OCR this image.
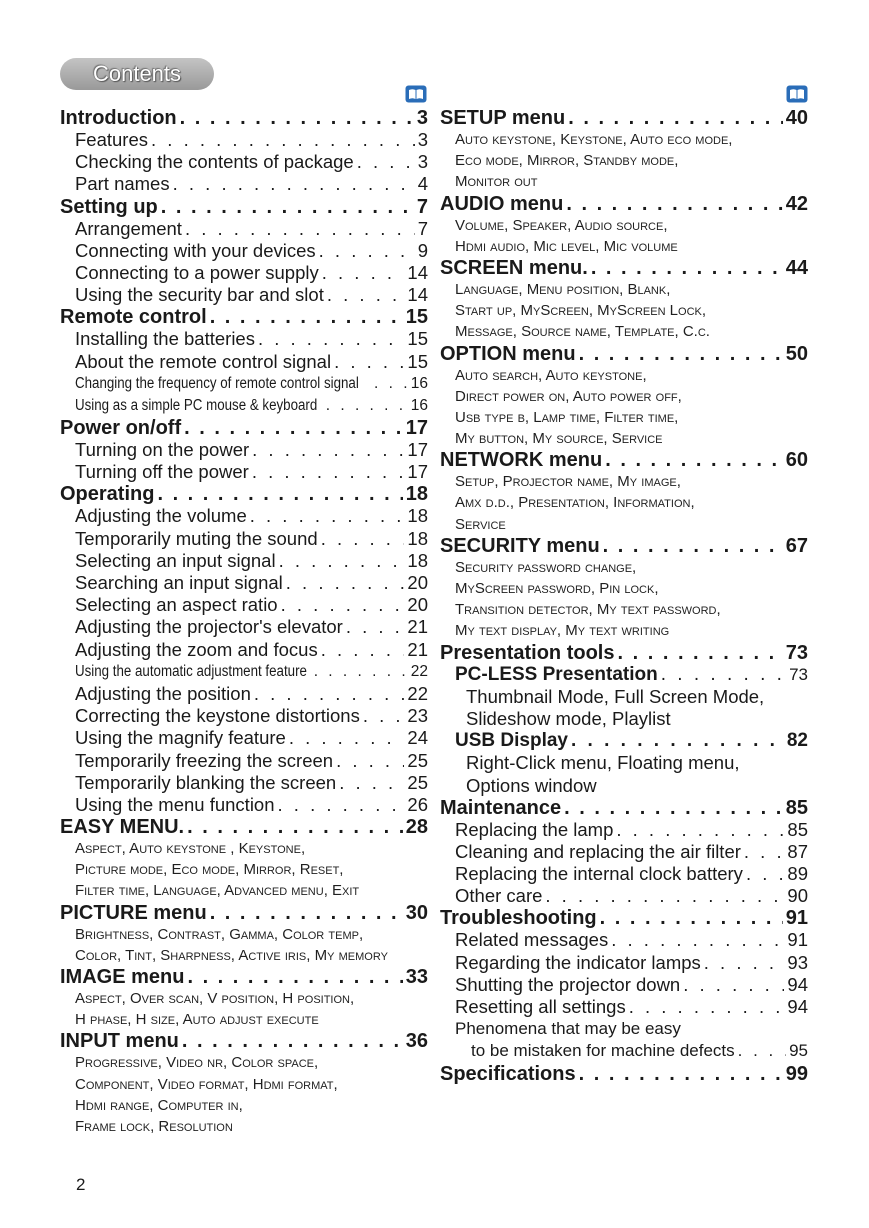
Contents
Introduction . . .	3
Features . . .	3
Checking the contents of package . . .	3
Part names . . .	4
Setting up . . .	7
Arrangement . . .	7
Connecting with your devices . . .	9
Connecting to a power supply . . .	14
Using the security bar and slot . . .	14
Remote control . . .	15
Installing the batteries . . .	15
About the remote control signal . . .	15
Changing the frequency of remote control signal . . .	16
Using as a simple PC mouse & keyboard . . .	16
Power on/off . . .	17
Turning on the power . . .	17
Turning off the power . . .	17
Operating . . .	18
Adjusting the volume . . .	18
Temporarily muting the sound . . .	18
Selecting an input signal . . .	18
Searching an input signal . . .	20
Selecting an aspect ratio . . .	20
Adjusting the projector's elevator . . .	21
Adjusting the zoom and focus . . .	21
Using the automatic adjustment feature . . .	22
Adjusting the position . . .	22
Correcting the keystone distortions . . .	23
Using the magnify feature . . .	24
Temporarily freezing the screen . . .	25
Temporarily blanking the screen . . .	25
Using the menu function . . .	26
EASY MENU. . . .	28
Aspect, Auto keystone , Keystone,
Picture mode, Eco mode, Mirror, Reset,
Filter time, Language, Advanced menu, Exit
PICTURE menu . . .	30
Brightness, Contrast, Gamma, Color temp,
Color, Tint, Sharpness, Active iris, My memory
IMAGE menu . . .	33
Aspect, Over scan, V position, H position,
H phase, H size, Auto adjust execute
INPUT menu . . .	36
Progressive, Video nr, Color space,
Component, Video format, Hdmi format,
Hdmi range, Computer in,
Frame lock, Resolution
SETUP menu . . .	40
Auto keystone, Keystone, Auto eco mode,
Eco mode, Mirror, Standby mode,
Monitor out
AUDIO menu . . .	42
Volume, Speaker, Audio source,
Hdmi audio, Mic level, Mic volume
SCREEN menu. . . .	44
Language, Menu position, Blank,
Start up, MyScreen, MyScreen Lock,
Message, Source name, Template, C.c.
OPTION menu . . .	50
Auto search, Auto keystone,
Direct power on, Auto power off,
Usb type b, Lamp time, Filter time,
My button, My source, Service
NETWORK menu . . .	60
Setup, Projector name, My image,
Amx d.d., Presentation, Information,
Service
SECURITY menu . . .	67
Security password change,
MyScreen password, Pin lock,
Transition detector, My text password,
My text display, My text writing
Presentation tools . . .	73
PC-LESS Presentation . . .	73
Thumbnail Mode, Full Screen Mode,
Slideshow mode, Playlist
USB Display . . .	82
Right-Click menu, Floating menu,
Options window
Maintenance . . .	85
Replacing the lamp . . .	85
Cleaning and replacing the air filter . . .	87
Replacing the internal clock battery . . . 89
Other care . . .	90
Troubleshooting . . .	91
Related messages . . .	91
Regarding the indicator lamps . . .	93
Shutting the projector down . . .	94
Resetting all settings . . .	94
Phenomena that may be easy
to be mistaken for machine defects . . .	95
Specifications . . .	99
2
